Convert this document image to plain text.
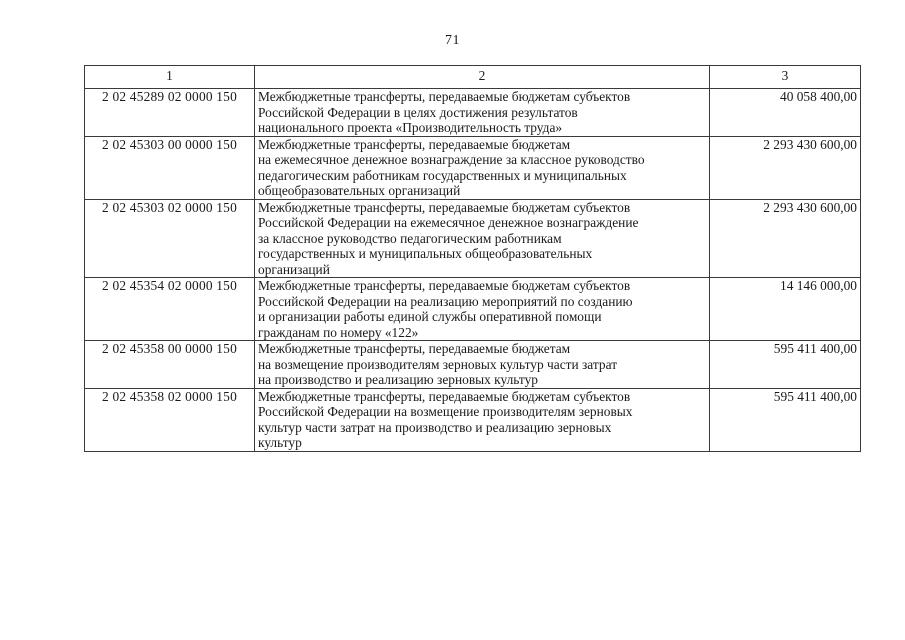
71
1	2	3
2 02 45289 02 0000 150	Межбюджетные трансферты, передаваемые бюджетам субъектов
Российской Федерации в целях достижения результатов
национального проекта «Производительность труда»	40 058 400,00
2 02 45303 00 0000 150	Межбюджетные трансферты, передаваемые бюджетам
на ежемесячное денежное вознаграждение за классное руководство
педагогическим работникам государственных и муниципальных
общеобразовательных организаций	2 293 430 600,00
2 02 45303 02 0000 150	Межбюджетные трансферты, передаваемые бюджетам субъектов
Российской Федерации на ежемесячное денежное вознаграждение
за классное руководство педагогическим работникам
государственных и муниципальных общеобразовательных
организаций	2 293 430 600,00
2 02 45354 02 0000 150	Межбюджетные трансферты, передаваемые бюджетам субъектов
Российской Федерации на реализацию мероприятий по созданию
и организации работы единой службы оперативной помощи
гражданам по номеру «122»	14 146 000,00
2 02 45358 00 0000 150	Межбюджетные трансферты, передаваемые бюджетам
на возмещение производителям зерновых культур части затрат
на производство и реализацию зерновых культур	595 411 400,00
2 02 45358 02 0000 150	Межбюджетные трансферты, передаваемые бюджетам субъектов
Российской Федерации на возмещение производителям зерновых
культур части затрат на производство и реализацию зерновых
культур	595 411 400,00
